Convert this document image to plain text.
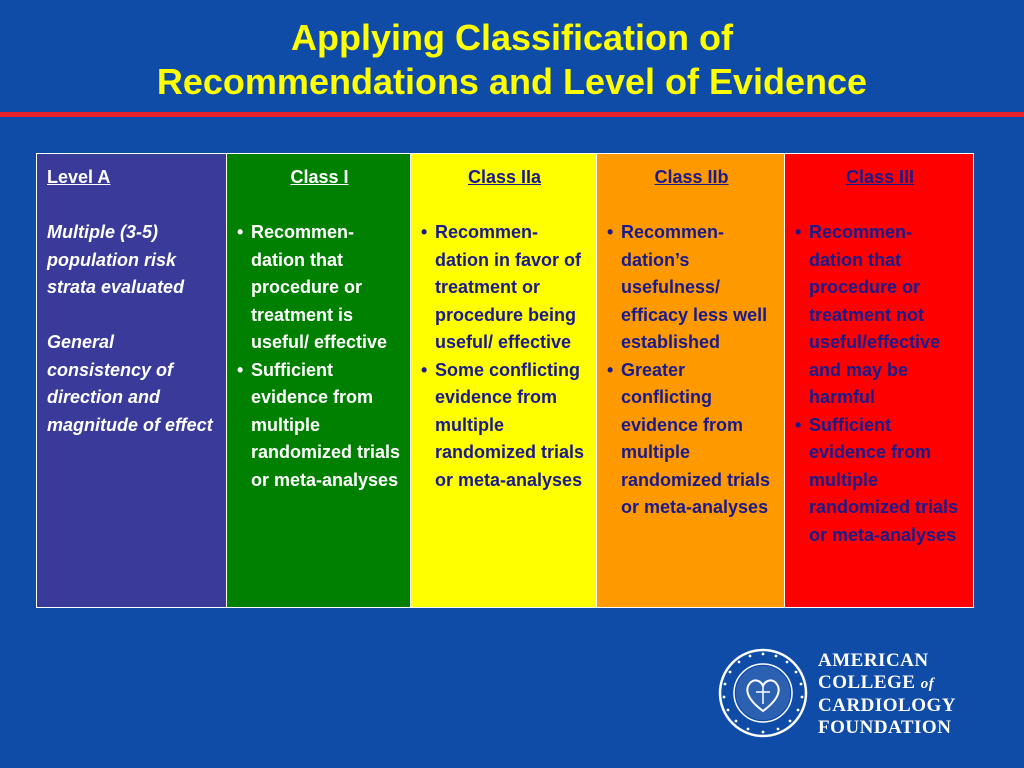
Applying Classification of
Recommendations and Level of Evidence
Level A

Multiple (3-5) population risk strata evaluated

General consistency of direction and magnitude of effect

Class I
• Recommen-dation that procedure or treatment is useful/ effective
• Sufficient evidence from multiple randomized trials or meta-analyses
Class IIa
• Recommen-dation in favor of treatment or procedure being useful/ effective
• Some conflicting evidence from multiple randomized trials or meta-analyses
Class IIb
• Recommen-dation’s usefulness/ efficacy less well established
• Greater conflicting evidence from multiple randomized trials or meta-analyses
Class III
• Recommen-dation that procedure or treatment not useful/effective and may be harmful
• Sufficient evidence from multiple randomized trials or meta-analyses
AMERICAN
COLLEGE of
CARDIOLOGY
FOUNDATION
